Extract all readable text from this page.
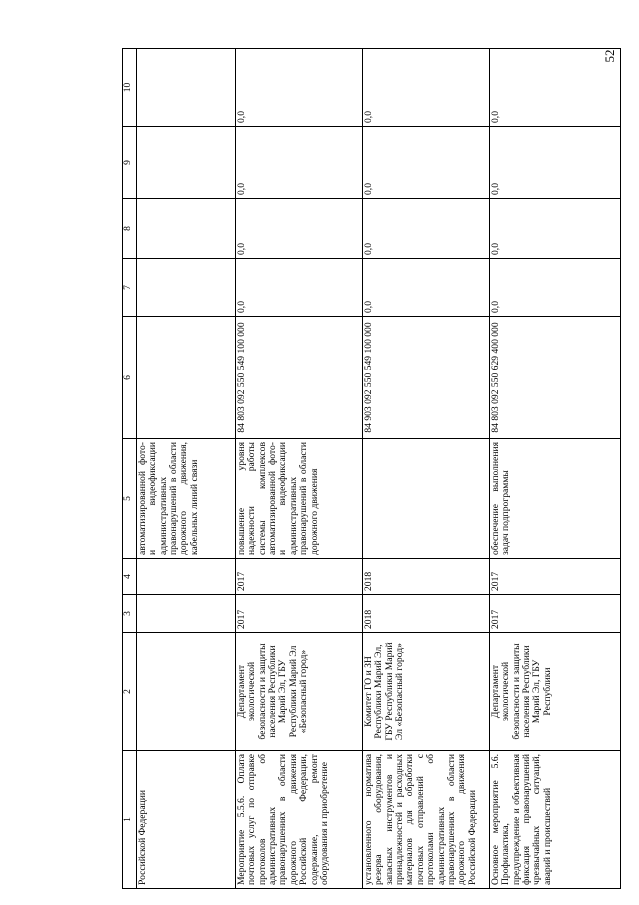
52
1	2	3	4	5	6	7	8	9	10
Российской Федерации				автоматизированной фото- и видеофиксации административных правонарушений в области дорожного движения, кабельных линий связи					
Мероприятие 5.5.6. Оплата почтовых услуг по отправке протоколов об административных правонарушениях в области дорожного движения Российской Федерации, содержание, ремонт оборудования и приобретение	Департамент экологической безопасности и защиты населения Республики Марий Эл, ГБУ Республики Марий Эл «Безопасный город»	2017	2017	повышение уровня надежности работы системы комплексов автоматизированной фото- и видеофиксации административных правонарушений в области дорожного движения	84 803 092 550 549 100 000	0,0	0,0	0,0	0,0
установленного норматива резерва оборудования, запасных инструментов и принадлежностей и расходных материалов для обработки почтовых отправлений с протоколами об административных правонарушениях в области дорожного движения Российской Федерации	Комитет ГО и ЗН Республики Марий Эл, ГБУ Республики Марий Эл «Безопасный город»	2018	2018		84 903 092 550 549 100 000	0,0	0,0	0,0	0,0
Основное мероприятие 5.6. Профилактика, предупреждение и объективная фиксация правонарушений чрезвычайных ситуаций, аварий и происшествий	Департамент экологической безопасности и защиты населения Республики Марий Эл, ГБУ Республики	2017	2017	обеспечение выполнения задач подпрограммы	84 803 092 550 629 400 000	0,0	0,0	0,0	0,0
